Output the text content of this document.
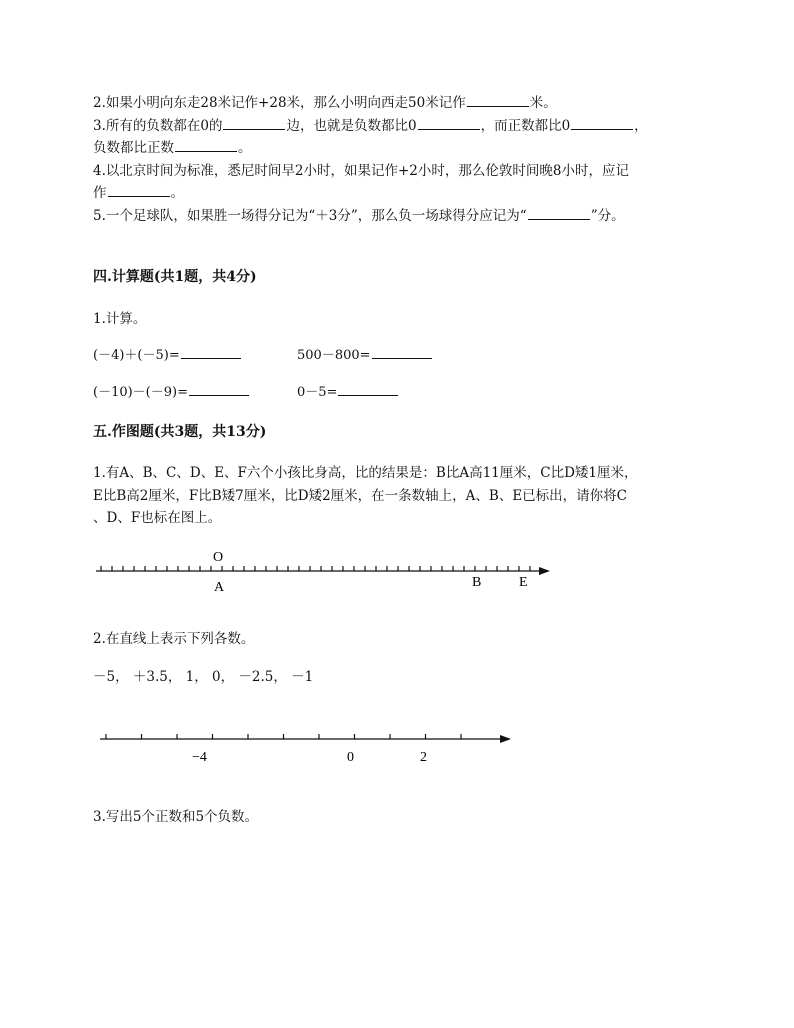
2.如果小明向东走28米记作+28米，那么小明向西走50米记作	米。
3.所有的负数都在0的	边，也就是负数都比0	，而正数都比0	，
负数都比正数	。
4.以北京时间为标准，悉尼时间早2小时，如果记作+2小时，那么伦敦时间晚8小时，应记
作	。
5.一个足球队，如果胜一场得分记为“＋3分”，那么负一场球得分应记为“	”分。
四.计算题(共1题，共4分)
1.计算。
(－4)＋(－5)=	500－800=
(－10)－(－9)=	0－5=
五.作图题(共3题，共13分)
1.有A、B、C、D、E、F六个小孩比身高，比的结果是：B比A高11厘米，C比D矮1厘米，
E比B高2厘米，F比B矮7厘米，比D矮2厘米，在一条数轴上，A、B、E已标出，请你将C
、D、F也标在图上。
O
A	B	E
2.在直线上表示下列各数。
－5， ＋3.5， 1， 0， －2.5， －1
−4	0	2
3.写出5个正数和5个负数。
